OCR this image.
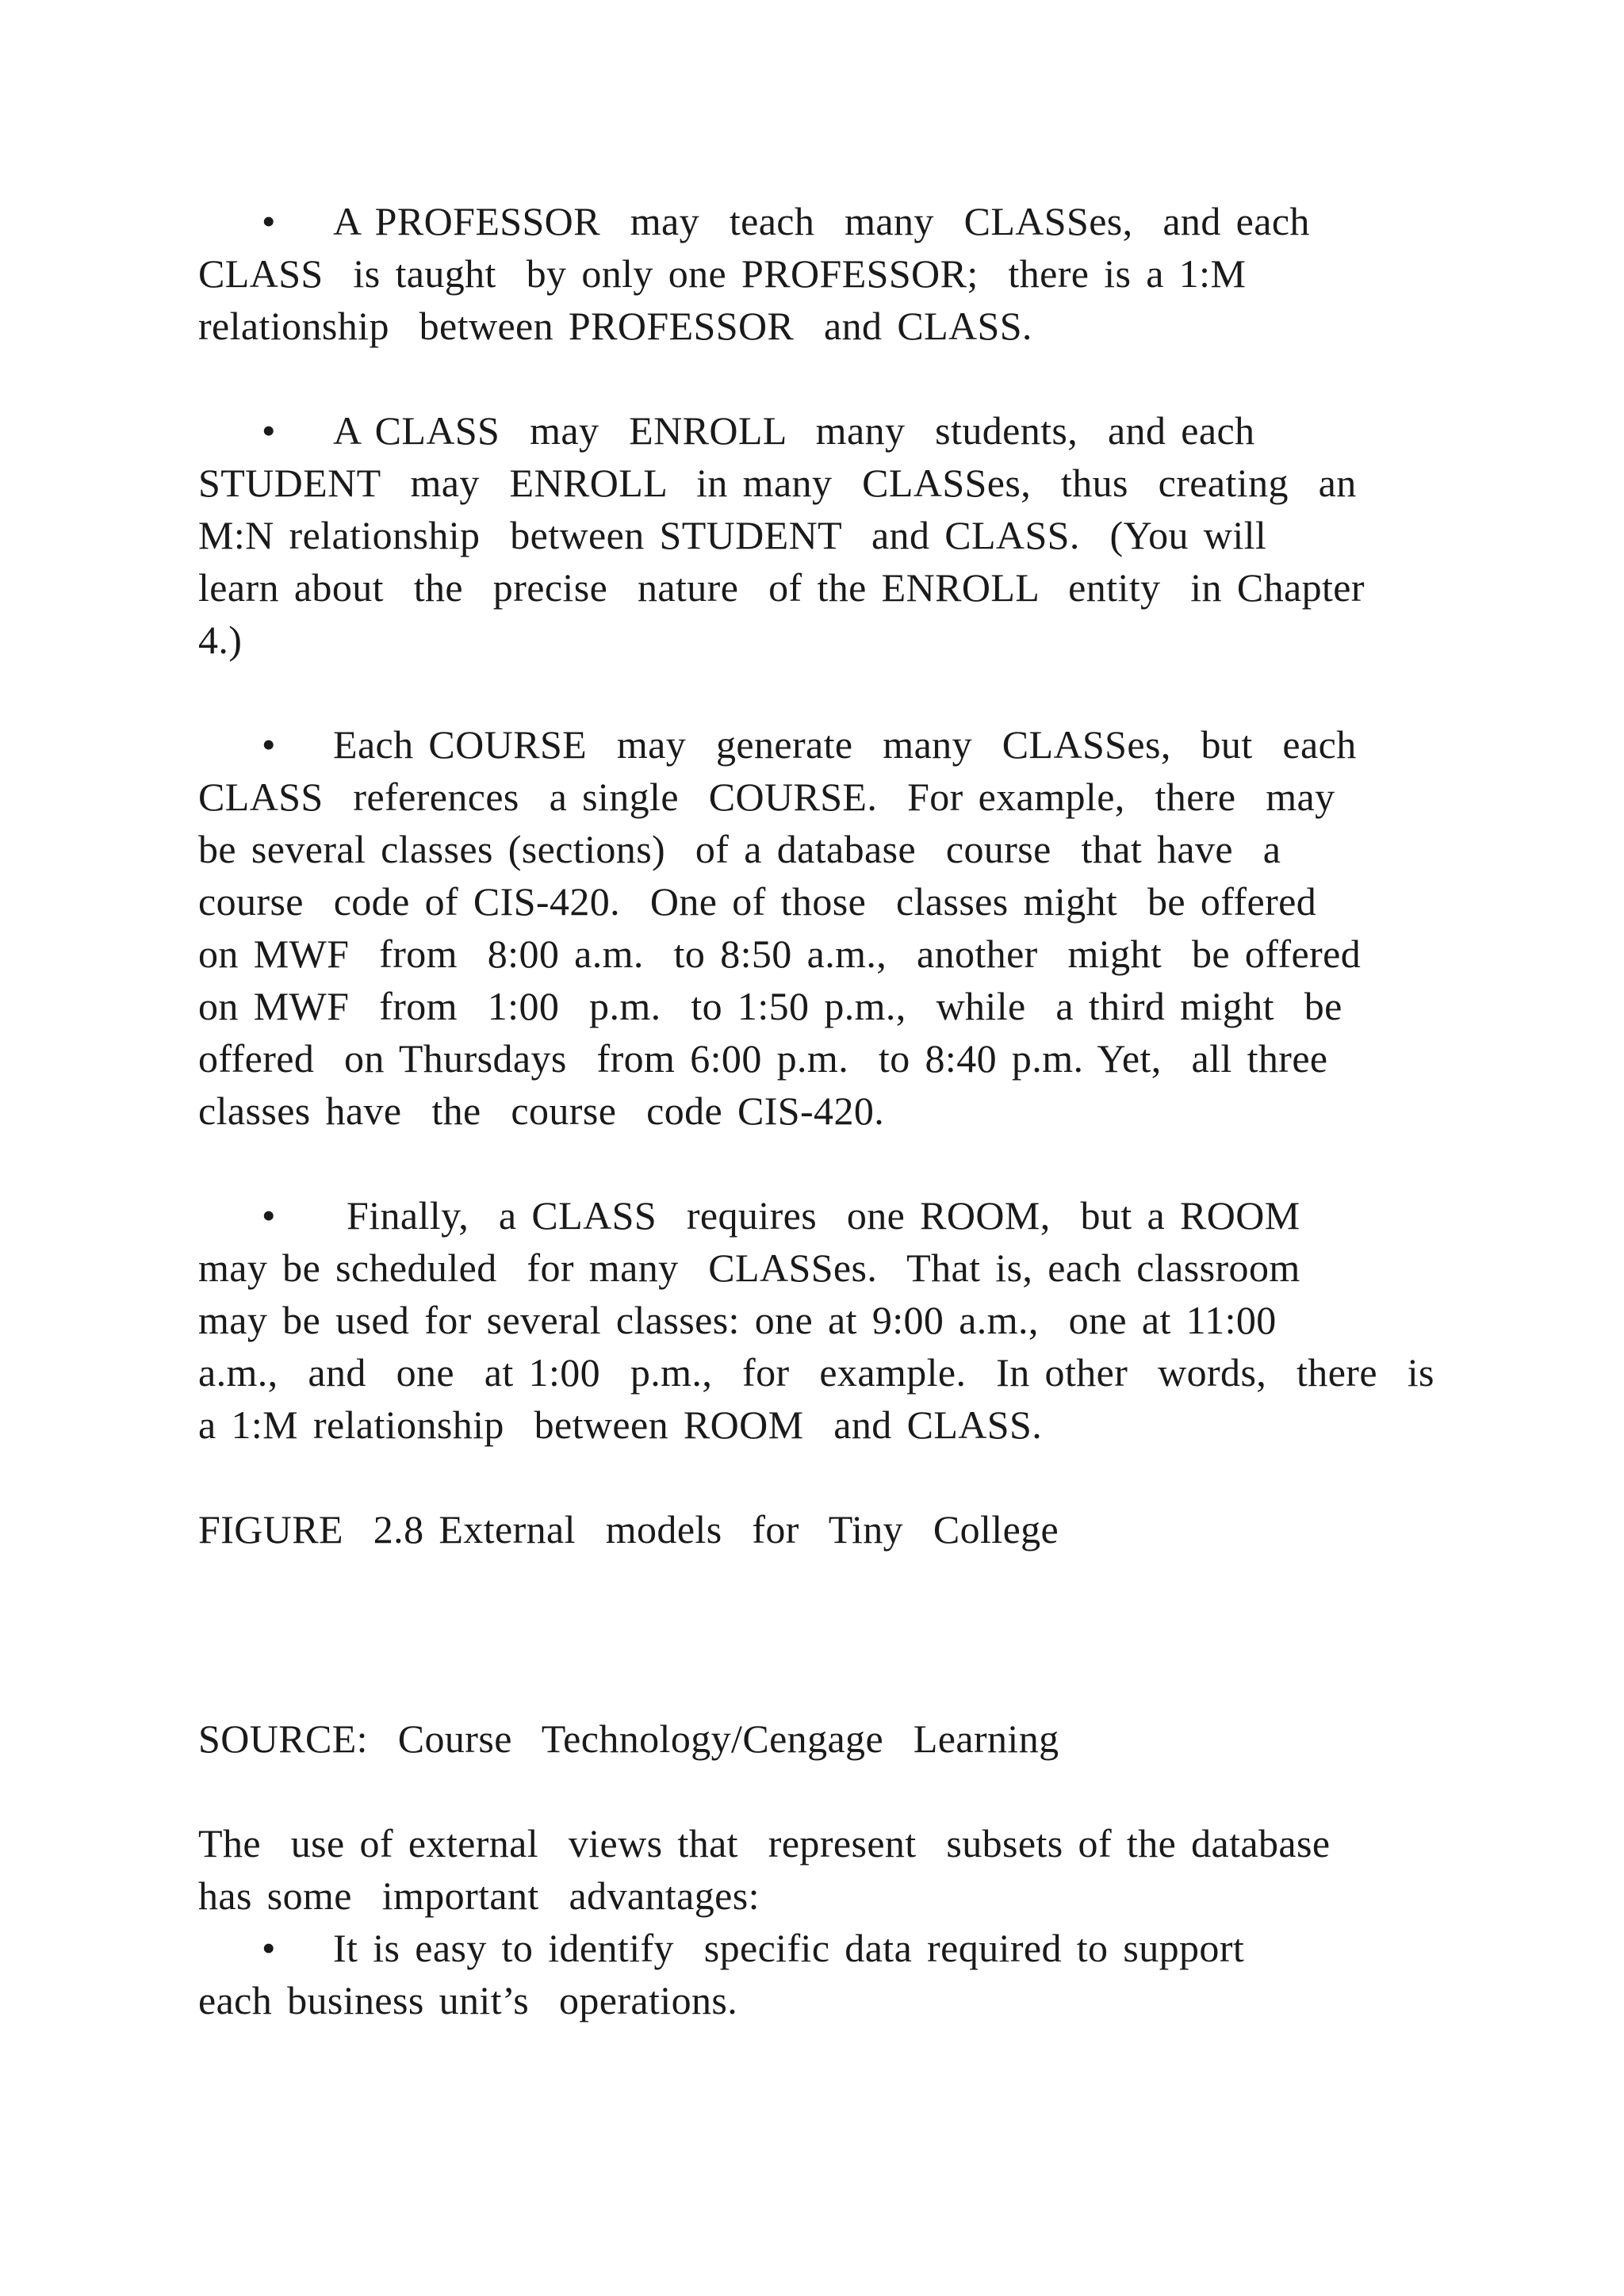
• A PROFESSOR  may  teach  many  CLASSes,  and each
CLASS  is taught  by only one PROFESSOR;  there is a 1:M
relationship  between PROFESSOR  and CLASS.
• A CLASS  may  ENROLL  many  students,  and each
STUDENT  may  ENROLL  in many  CLASSes,  thus  creating  an
M:N relationship  between STUDENT  and CLASS.  (You will
learn about  the  precise  nature  of the ENROLL  entity  in Chapter
4.)
• Each COURSE  may  generate  many  CLASSes,  but  each
CLASS  references  a single  COURSE.  For example,  there  may
be several classes (sections)  of a database  course  that have  a
course  code of CIS-420.  One of those  classes might  be offered
on MWF  from  8:00 a.m.  to 8:50 a.m.,  another  might  be offered
on MWF  from  1:00  p.m.  to 1:50 p.m.,  while  a third might  be
offered  on Thursdays  from 6:00 p.m.  to 8:40 p.m. Yet,  all three
classes have  the  course  code CIS-420.
• Finally,  a CLASS  requires  one ROOM,  but a ROOM
may be scheduled  for many  CLASSes.  That is, each classroom
may be used for several classes: one at 9:00 a.m.,  one at 11:00
a.m.,  and  one  at 1:00  p.m.,  for  example.  In other  words,  there  is
a 1:M relationship  between ROOM  and CLASS.
FIGURE  2.8 External  models  for  Tiny  College
SOURCE:  Course  Technology/Cengage  Learning
The  use of external  views that  represent  subsets of the database
has some  important  advantages:
• It is easy to identify  specific data required to support
each business unit’s  operations.
